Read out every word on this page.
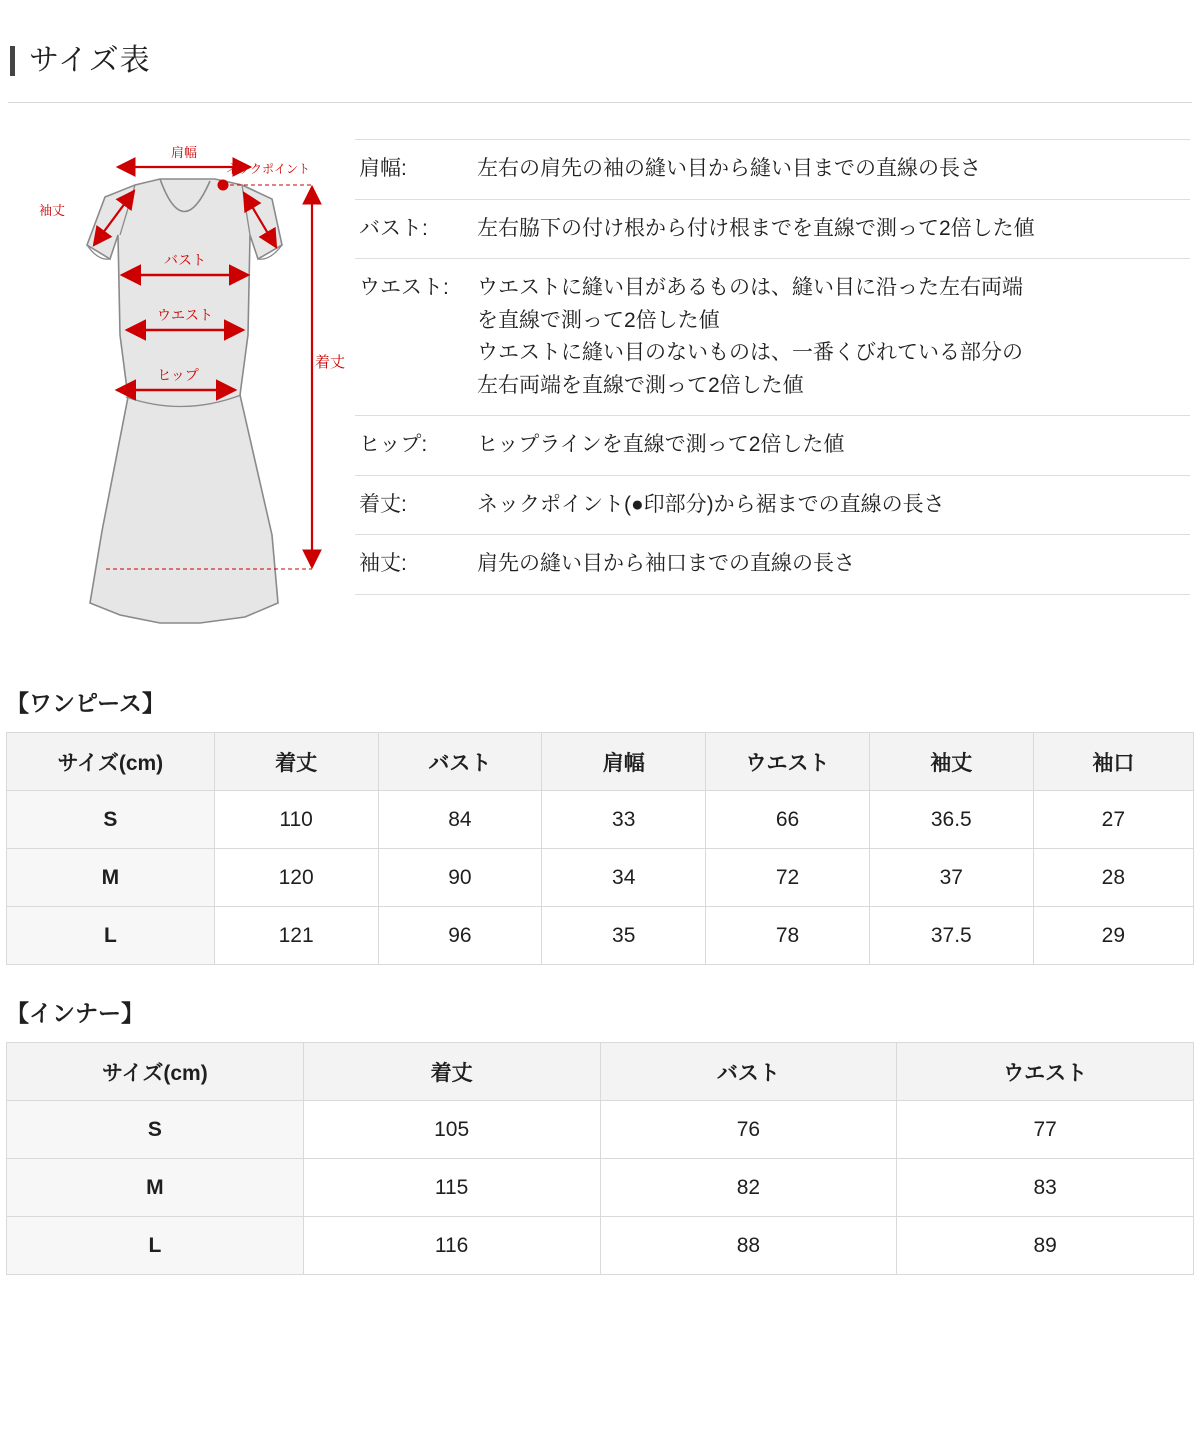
サイズ表
肩幅
ネックポイント
袖丈
バスト
ウエスト
ヒップ
着丈
肩幅:	左右の肩先の袖の縫い目から縫い目までの直線の長さ
バスト:	左右脇下の付け根から付け根までを直線で測って2倍した値
ウエスト:	ウエストに縫い目があるものは、縫い目に沿った左右両端
を直線で測って2倍した値
ウエストに縫い目のないものは、一番くびれている部分の
左右両端を直線で測って2倍した値
ヒップ:	ヒップラインを直線で測って2倍した値
着丈:	ネックポイント(●印部分)から裾までの直線の長さ
袖丈:	肩先の縫い目から袖口までの直線の長さ
【ワンピース】
サイズ(cm)	着丈	バスト	肩幅	ウエスト	袖丈	袖口
S	110	84	33	66	36.5	27
M	120	90	34	72	37	28
L	121	96	35	78	37.5	29
【インナー】
サイズ(cm)	着丈	バスト	ウエスト
S	105	76	77
M	115	82	83
L	116	88	89
